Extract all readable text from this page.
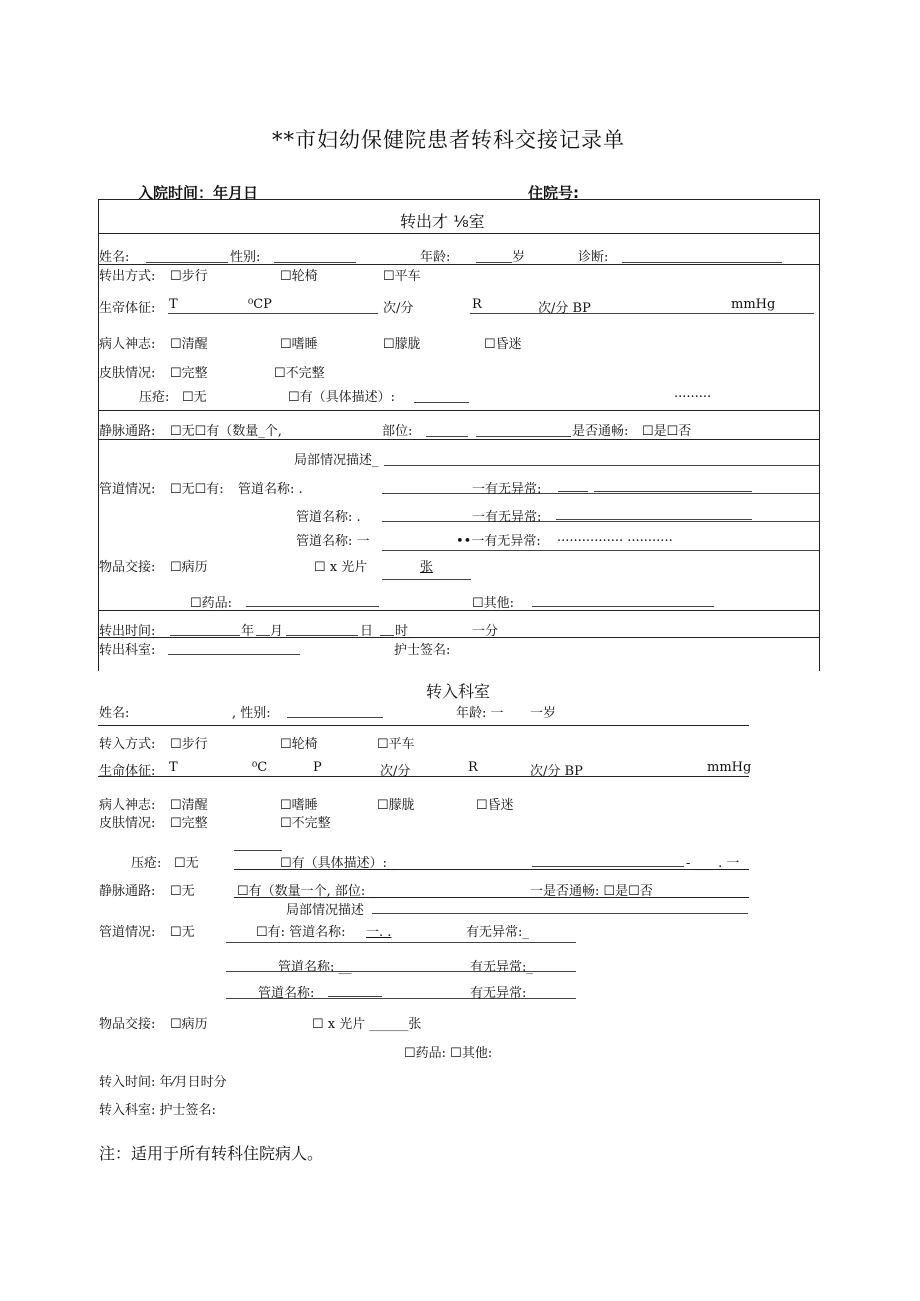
**市妇幼保健院患者转科交接记录单
入院时间：年月日	住院号:
转出才 ⅛室
姓名:	性别:	年龄:	岁	诊断:
转出方式: ☐步行	☐轮椅	☐平车
生帝体征: T	⁰CP	次/分	R	次/分 BP	mmHg
病人神志: ☐清醒	☐嗜睡	☐朦胧	☐昏迷
皮肤情况: ☐完整	☐不完整
压疮: ☐无	☐有（具体描述）:	.........
静脉通路: ☐无☐有（数量_个,	部位:	是否通畅: ☐是☐否
局部情况描述_
管道情况: ☐无☐有: 管道名称: .	一有无异常:
管道名称: .	一有无异常:
管道名称: 一	••一有无异常: ................ ...........
物品交接: ☐病历	☐ x 光片	张
☐药品:	☐其他:
转出时间:	年 月	日 时_	一分
转出科室:	护士签名:
转入科室
姓名:	, 性别:	年龄: 一 一岁
转入方式: ☐步行	☐轮椅	☐平车
生命体征: T	⁰C	P	次/分	R	次/分 BP	mmHg
病人神志: ☐清醒	☐嗜睡	☐朦胧	☐昏迷
皮肤情况: ☐完整	☐不完整
压疮: ☐无	☐有（具体描述）: _	- ___ . 一
静脉通路: ☐无	☐有（数量一个, 部位: _	一是否通畅: ☐是☐否
局部情况描述
管道情况: ☐无	☐有: 管道名称: 一. .	有无异常:_
管道名称: __	有无异常:_
管道名称:	有无异常:
物品交接: ☐病历	☐ x 光片 ______张
☐药品: ☐其他:
转入时间: 年⁄月日时分
转入科室: 护士签名:
注：适用于所有转科住院病人。
